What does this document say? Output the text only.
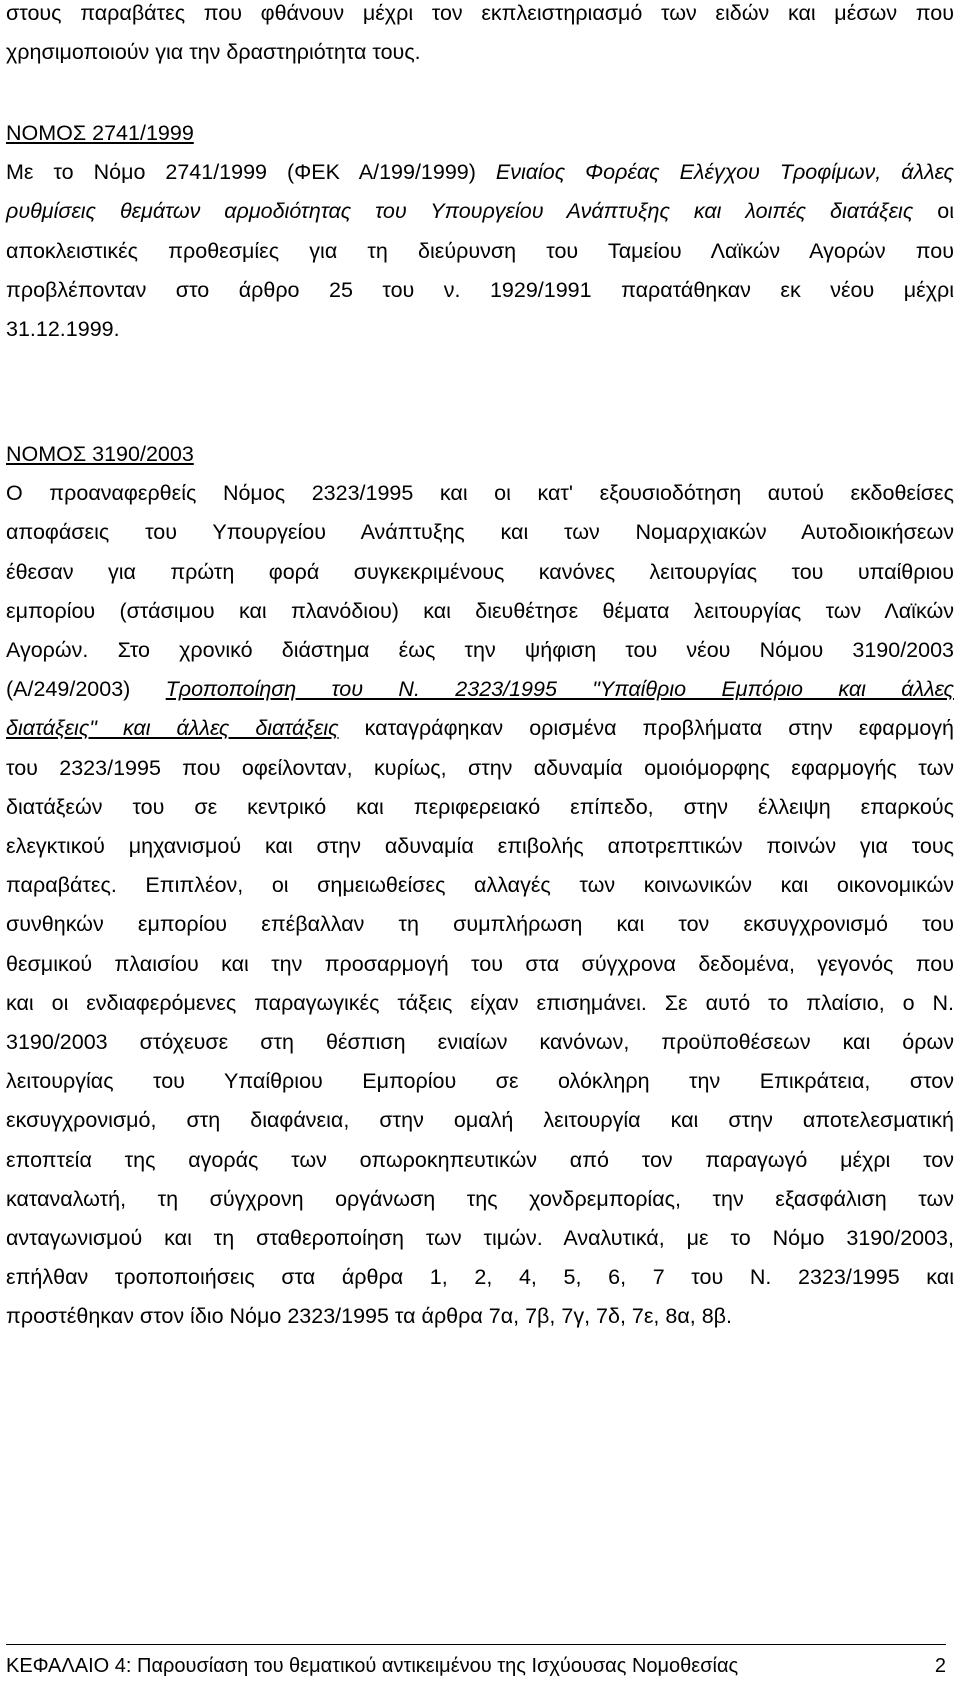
στους παραβάτες που φθάνουν μέχρι τον εκπλειστηριασμό των ειδών και μέσων που
χρησιμοποιούν για την δραστηριότητα τους.
ΝΟΜΟΣ 2741/1999
Με το Νόμο 2741/1999 (ΦΕΚ Α/199/1999) Ενιαίος Φορέας Ελέγχου Τροφίμων, άλλες
ρυθμίσεις θεμάτων αρμοδιότητας του Υπουργείου Ανάπτυξης και λοιπές διατάξεις οι
αποκλειστικές προθεσμίες για τη διεύρυνση του Ταμείου Λαϊκών Αγορών που
προβλέπονταν στο άρθρο 25 του ν. 1929/1991 παρατάθηκαν εκ νέου μέχρι
31.12.1999.
ΝΟΜΟΣ 3190/2003
Ο προαναφερθείς Νόμος 2323/1995 και οι κατ' εξουσιοδότηση αυτού εκδοθείσες
αποφάσεις του Υπουργείου Ανάπτυξης και των Νομαρχιακών Αυτοδιοικήσεων
έθεσαν για πρώτη φορά συγκεκριμένους κανόνες λειτουργίας του υπαίθριου
εμπορίου (στάσιμου και πλανόδιου) και διευθέτησε θέματα λειτουργίας των Λαϊκών
Αγορών. Στο χρονικό διάστημα έως την ψήφιση του νέου Νόμου 3190/2003
(Α/249/2003) Τροποποίηση του Ν. 2323/1995 "Υπαίθριο Εμπόριο και άλλες
διατάξεις" και άλλες διατάξεις καταγράφηκαν ορισμένα προβλήματα στην εφαρμογή
του 2323/1995 που οφείλονταν, κυρίως, στην αδυναμία ομοιόμορφης εφαρμογής των
διατάξεών του σε κεντρικό και περιφερειακό επίπεδο, στην έλλειψη επαρκούς
ελεγκτικού μηχανισμού και στην αδυναμία επιβολής αποτρεπτικών ποινών για τους
παραβάτες. Επιπλέον, οι σημειωθείσες αλλαγές των κοινωνικών και οικονομικών
συνθηκών εμπορίου επέβαλλαν τη συμπλήρωση και τον εκσυγχρονισμό του
θεσμικού πλαισίου και την προσαρμογή του στα σύγχρονα δεδομένα, γεγονός που
και οι ενδιαφερόμενες παραγωγικές τάξεις είχαν επισημάνει. Σε αυτό το πλαίσιο, ο Ν.
3190/2003 στόχευσε στη θέσπιση ενιαίων κανόνων, προϋποθέσεων και όρων
λειτουργίας του Υπαίθριου Εμπορίου σε ολόκληρη την Επικράτεια, στον
εκσυγχρονισμό, στη διαφάνεια, στην ομαλή λειτουργία και στην αποτελεσματική
εποπτεία της αγοράς των οπωροκηπευτικών από τον παραγωγό μέχρι τον
καταναλωτή, τη σύγχρονη οργάνωση της χονδρεμπορίας, την εξασφάλιση των
ανταγωνισμού και τη σταθεροποίηση των τιμών. Αναλυτικά, με το Νόμο 3190/2003,
επήλθαν τροποποιήσεις στα άρθρα 1, 2, 4, 5, 6, 7 του Ν. 2323/1995 και
προστέθηκαν στον ίδιο Νόμο 2323/1995 τα άρθρα 7α, 7β, 7γ, 7δ, 7ε, 8α, 8β.
ΚΕΦΑΛΑΙΟ 4: Παρουσίαση του θεματικού αντικειμένου της Ισχύουσας Νομοθεσίας	2
